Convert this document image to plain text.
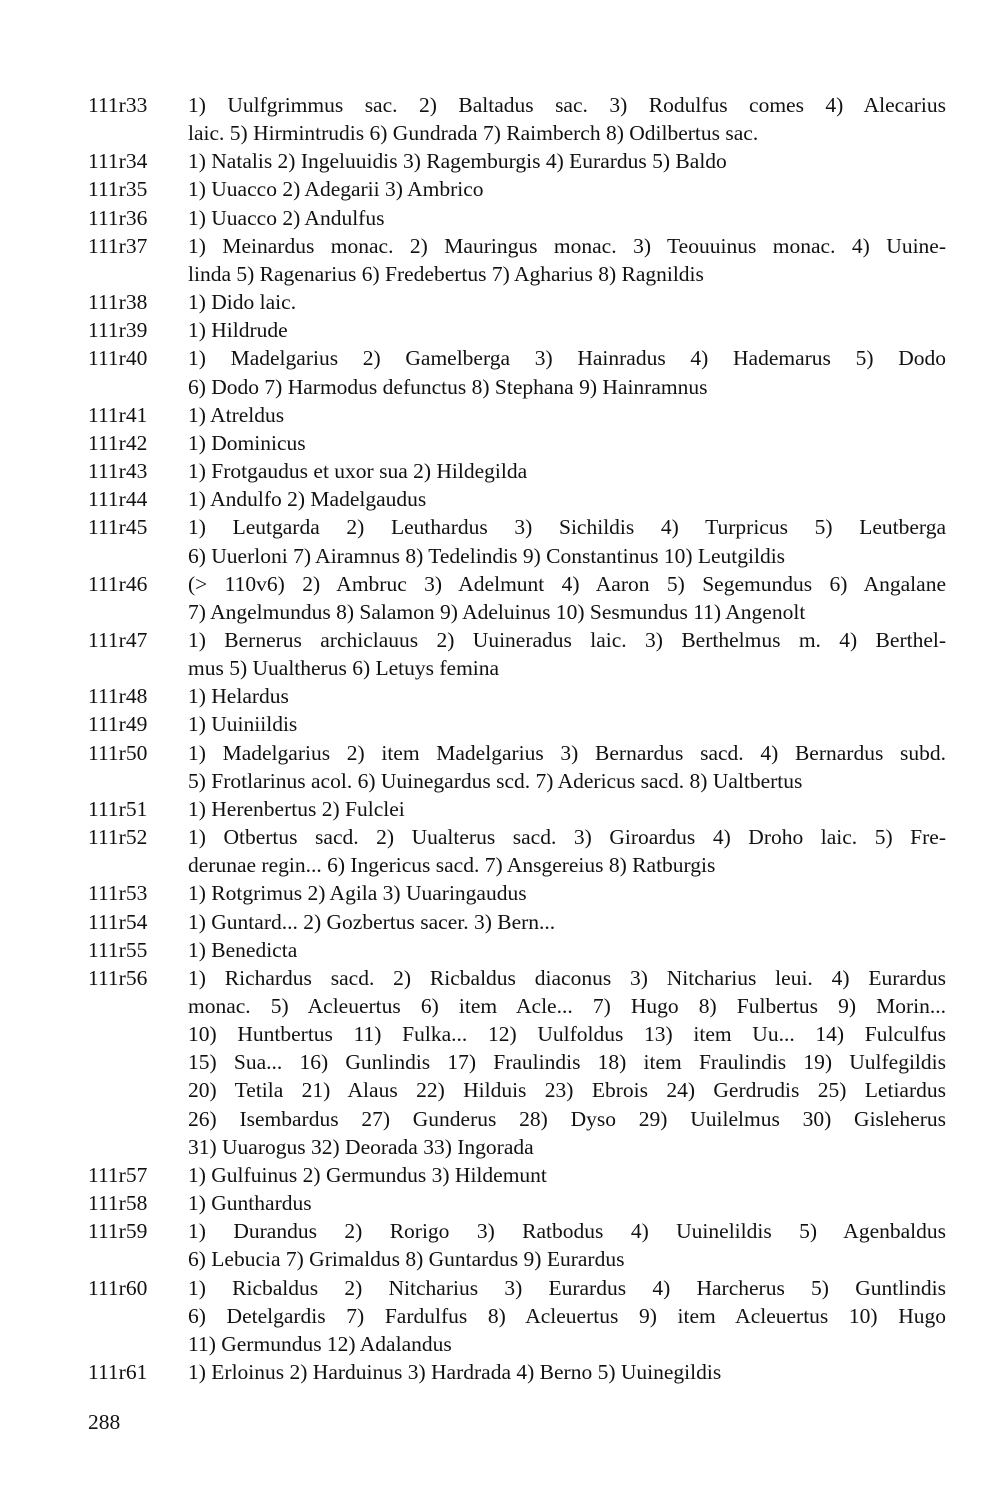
111r33	1) Uulfgrimmus sac. 2) Baltadus sac. 3) Rodulfus comes 4) Alecarius
laic. 5) Hirmintrudis 6) Gundrada 7) Raimberch 8) Odilbertus sac.
111r34	1) Natalis 2) Ingeluuidis 3) Ragemburgis 4) Eurardus 5) Baldo
111r35	1) Uuacco 2) Adegarii 3) Ambrico
111r36	1) Uuacco 2) Andulfus
111r37	1) Meinardus monac. 2) Mauringus monac. 3) Teouuinus monac. 4) Uuine-
linda 5) Ragenarius 6) Fredebertus 7) Agharius 8) Ragnildis
111r38	1) Dido laic.
111r39	1) Hildrude
111r40	1) Madelgarius 2) Gamelberga 3) Hainradus 4) Hademarus 5) Dodo
6) Dodo 7) Harmodus defunctus 8) Stephana 9) Hainramnus
111r41	1) Atreldus
111r42	1) Dominicus
111r43	1) Frotgaudus et uxor sua 2) Hildegilda
111r44	1) Andulfo 2) Madelgaudus
111r45	1) Leutgarda 2) Leuthardus 3) Sichildis 4) Turpricus 5) Leutberga
6) Uuerloni 7) Airamnus 8) Tedelindis 9) Constantinus 10) Leutgildis
111r46	(> 110v6) 2) Ambruc 3) Adelmunt 4) Aaron 5) Segemundus 6) Angalane
7) Angelmundus 8) Salamon 9) Adeluinus 10) Sesmundus 11) Angenolt
111r47	1) Bernerus archiclauus 2) Uuineradus laic. 3) Berthelmus m. 4) Berthel-
mus 5) Uualtherus 6) Letuys femina
111r48	1) Helardus
111r49	1) Uuiniildis
111r50	1) Madelgarius 2) item Madelgarius 3) Bernardus sacd. 4) Bernardus subd.
5) Frotlarinus acol. 6) Uuinegardus scd. 7) Adericus sacd. 8) Ualtbertus
111r51	1) Herenbertus 2) Fulclei
111r52	1) Otbertus sacd. 2) Uualterus sacd. 3) Giroardus 4) Droho laic. 5) Fre-
derunae regin... 6) Ingericus sacd. 7) Ansgereius 8) Ratburgis
111r53	1) Rotgrimus 2) Agila 3) Uuaringaudus
111r54	1) Guntard... 2) Gozbertus sacer. 3) Bern...
111r55	1) Benedicta
111r56	1) Richardus sacd. 2) Ricbaldus diaconus 3) Nitcharius leui. 4) Eurardus
monac. 5) Acleuertus 6) item Acle... 7) Hugo 8) Fulbertus 9) Morin...
10) Huntbertus 11) Fulka... 12) Uulfoldus 13) item Uu... 14) Fulculfus
15) Sua... 16) Gunlindis 17) Fraulindis 18) item Fraulindis 19) Uulfegildis
20) Tetila 21) Alaus 22) Hilduis 23) Ebrois 24) Gerdrudis 25) Letiardus
26) Isembardus 27) Gunderus 28) Dyso 29) Uuilelmus 30) Gisleherus
31) Uuarogus 32) Deorada 33) Ingorada
111r57	1) Gulfuinus 2) Germundus 3) Hildemunt
111r58	1) Gunthardus
111r59	1) Durandus 2) Rorigo 3) Ratbodus 4) Uuinelildis 5) Agenbaldus
6) Lebucia 7) Grimaldus 8) Guntardus 9) Eurardus
111r60	1) Ricbaldus 2) Nitcharius 3) Eurardus 4) Harcherus 5) Guntlindis
6) Detelgardis 7) Fardulfus 8) Acleuertus 9) item Acleuertus 10) Hugo
11) Germundus 12) Adalandus
111r61	1) Erloinus 2) Harduinus 3) Hardrada 4) Berno 5) Uuinegildis
288
